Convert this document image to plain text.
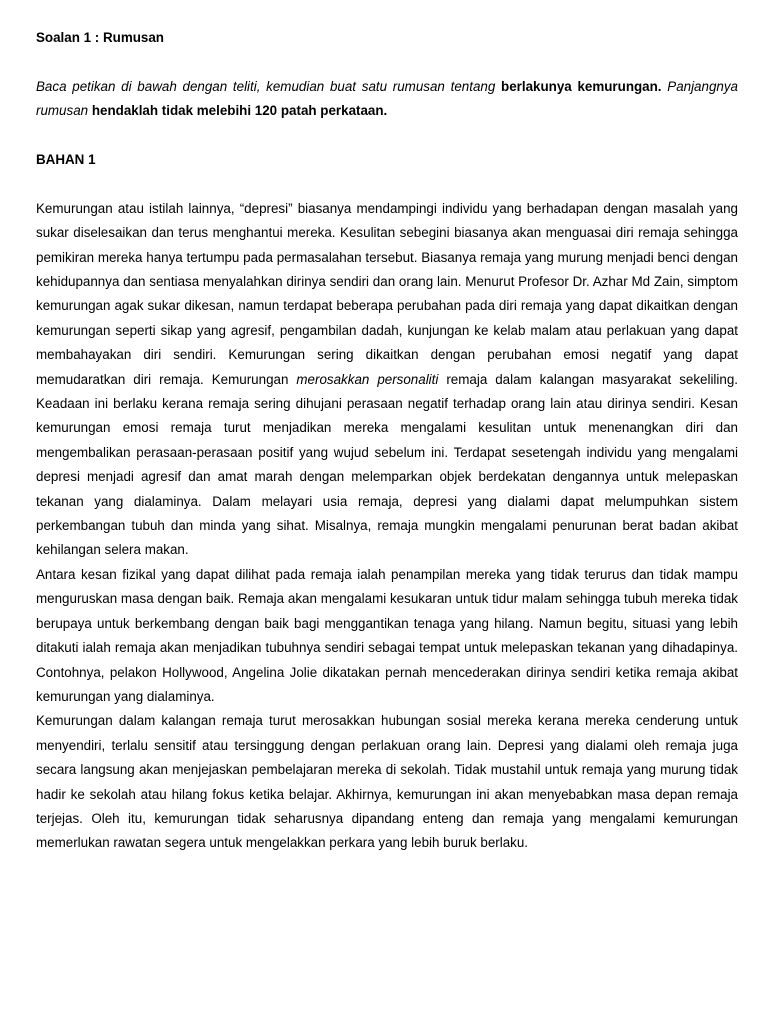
Soalan 1 : Rumusan

Baca petikan di bawah dengan teliti, kemudian buat satu rumusan tentang berlakunya kemurungan. Panjangnya rumusan hendaklah tidak melebihi 120 patah perkataan.

BAHAN 1

Kemurungan atau istilah lainnya, “depresi” biasanya mendampingi individu yang berhadapan dengan masalah yang sukar diselesaikan dan terus menghantui mereka. Kesulitan sebegini biasanya akan menguasai diri remaja sehingga pemikiran mereka hanya tertumpu pada permasalahan tersebut. Biasanya remaja yang murung menjadi benci dengan kehidupannya dan sentiasa menyalahkan dirinya sendiri dan orang lain. Menurut Profesor Dr. Azhar Md Zain, simptom kemurungan agak sukar dikesan, namun terdapat beberapa perubahan pada diri remaja yang dapat dikaitkan dengan kemurungan seperti sikap yang agresif, pengambilan dadah, kunjungan ke kelab malam atau perlakuan yang dapat membahayakan diri sendiri. Kemurungan sering dikaitkan dengan perubahan emosi negatif yang dapat memudaratkan diri remaja. Kemurungan merosakkan personaliti remaja dalam kalangan masyarakat sekeliling. Keadaan ini berlaku kerana remaja sering dihujani perasaan negatif terhadap orang lain atau dirinya sendiri. Kesan kemurungan emosi remaja turut menjadikan mereka mengalami kesulitan untuk menenangkan diri dan mengembalikan perasaan-perasaan positif yang wujud sebelum ini. Terdapat sesetengah individu yang mengalami depresi menjadi agresif dan amat marah dengan melemparkan objek berdekatan dengannya untuk melepaskan tekanan yang dialaminya. Dalam melayari usia remaja, depresi yang dialami dapat melumpuhkan sistem perkembangan tubuh dan minda yang sihat. Misalnya, remaja mungkin mengalami penurunan berat badan akibat kehilangan selera makan.

Antara kesan fizikal yang dapat dilihat pada remaja ialah penampilan mereka yang tidak terurus dan tidak mampu menguruskan masa dengan baik. Remaja akan mengalami kesukaran untuk tidur malam sehingga tubuh mereka tidak berupaya untuk berkembang dengan baik bagi menggantikan tenaga yang hilang. Namun begitu, situasi yang lebih ditakuti ialah remaja akan menjadikan tubuhnya sendiri sebagai tempat untuk melepaskan tekanan yang dihadapinya. Contohnya, pelakon Hollywood, Angelina Jolie dikatakan pernah mencederakan dirinya sendiri ketika remaja akibat kemurungan yang dialaminya.

Kemurungan dalam kalangan remaja turut merosakkan hubungan sosial mereka kerana mereka cenderung untuk menyendiri, terlalu sensitif atau tersinggung dengan perlakuan orang lain. Depresi yang dialami oleh remaja juga secara langsung akan menjejaskan pembelajaran mereka di sekolah. Tidak mustahil untuk remaja yang murung tidak hadir ke sekolah atau hilang fokus ketika belajar. Akhirnya, kemurungan ini akan menyebabkan masa depan remaja terjejas. Oleh itu, kemurungan tidak seharusnya dipandang enteng dan remaja yang mengalami kemurungan memerlukan rawatan segera untuk mengelakkan perkara yang lebih buruk berlaku.
